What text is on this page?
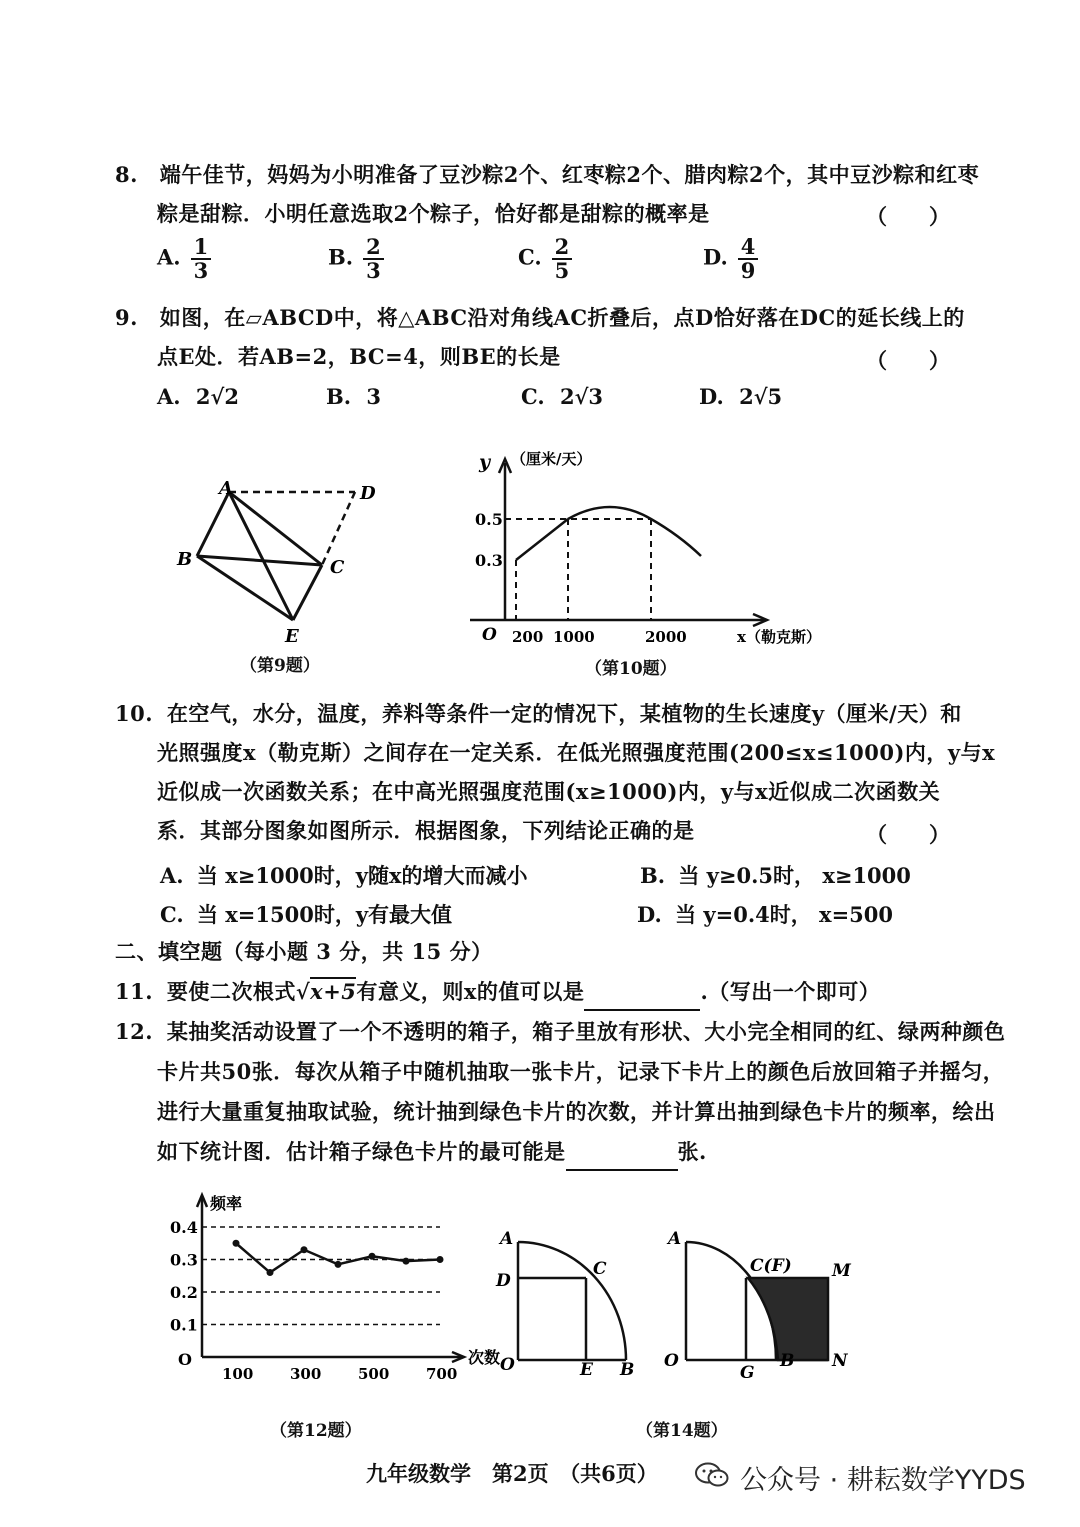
8. 端午佳节，妈妈为小明准备了豆沙粽2个、红枣粽2个、腊肉粽2个，其中豆沙粽和红枣
粽是甜粽．小明任意选取2个粽子，恰好都是甜粽的概率是	（　　）
A. $\frac{1}{3}$	B. $\frac{2}{3}$	C. $\frac{2}{5}$	D. $\frac{4}{9}$
9. 如图，在▱ABCD中，将△ABC沿对角线AC折叠后，点D恰好落在DC的延长线上的
点E处．若AB=2，BC=4，则BE的长是	（　　）
A. 2√2	B. 3	C. 2√3	D. 2√5
A
B	C
D
E
（第9题）
y （厘米/天）
0.5
0.3
O 200 1000	2000	x（勒克斯）
（第10题）
10. 在空气，水分，温度，养料等条件一定的情况下，某植物的生长速度y（厘米/天）和
光照强度x（勒克斯）之间存在一定关系．在低光照强度范围(200≤x≤1000)内，y与x
近似成一次函数关系；在中高光照强度范围(x≥1000)内，y与x近似成二次函数关
系．其部分图象如图所示．根据图象，下列结论正确的是	（　　）
A. 当 x≥1000时，y随x的增大而减小	B. 当 y≥0.5时， x≥1000
C. 当 x=1500时，y有最大值	D. 当 y=0.4时， x=500
二、填空题（每小题 3 分，共 15 分）
11. 要使二次根式√x+5有意义，则x的值可以是	.（写出一个即可）
12. 某抽奖活动设置了一个不透明的箱子，箱子里放有形状、大小完全相同的红、绿两种颜色
卡片共50张．每次从箱子中随机抽取一张卡片，记录下卡片上的颜色后放回箱子并摇匀，
进行大量重复抽取试验，统计抽到绿色卡片的次数，并计算出抽到绿色卡片的频率，绘出
如下统计图．估计箱子绿色卡片的最可能是	张.
0.4
0.3
0.2
0.1
频率
次数
O
100 300 500 700
（第12题）
A
C
D
O	E B
A
C(F) M
O
G
B N
（第14题）
九年级数学　第2页　（共6页）	公众号 · 耕耘数学YYDS
